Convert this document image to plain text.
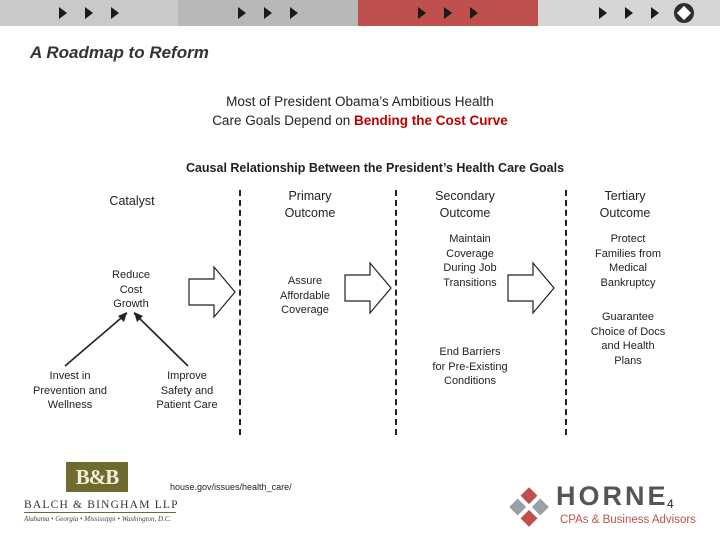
A Roadmap to Reform
Most of President Obama’s Ambitious Health
Care Goals Depend on Bending the Cost Curve
Causal Relationship Between the President’s Health Care Goals
Catalyst	Primary
Outcome
Secondary
Outcome
Tertiary
Outcome
Reduce
Cost
Growth
Invest in
Prevention and
Wellness
Improve
Safety and
Patient Care
Assure
Affordable
Coverage
Maintain
Coverage
During Job
Transitions
End Barriers
for Pre-Existing
Conditions
Protect
Families from
Medical
Bankruptcy
Guarantee
Choice of Docs
and Health
Plans
house.gov/issues/health_care/
B&B
BALCH & BINGHAM LLP
Alabama • Georgia • Mississippi • Washington, D.C.
HORNE
CPAs & Business Advisors
4
